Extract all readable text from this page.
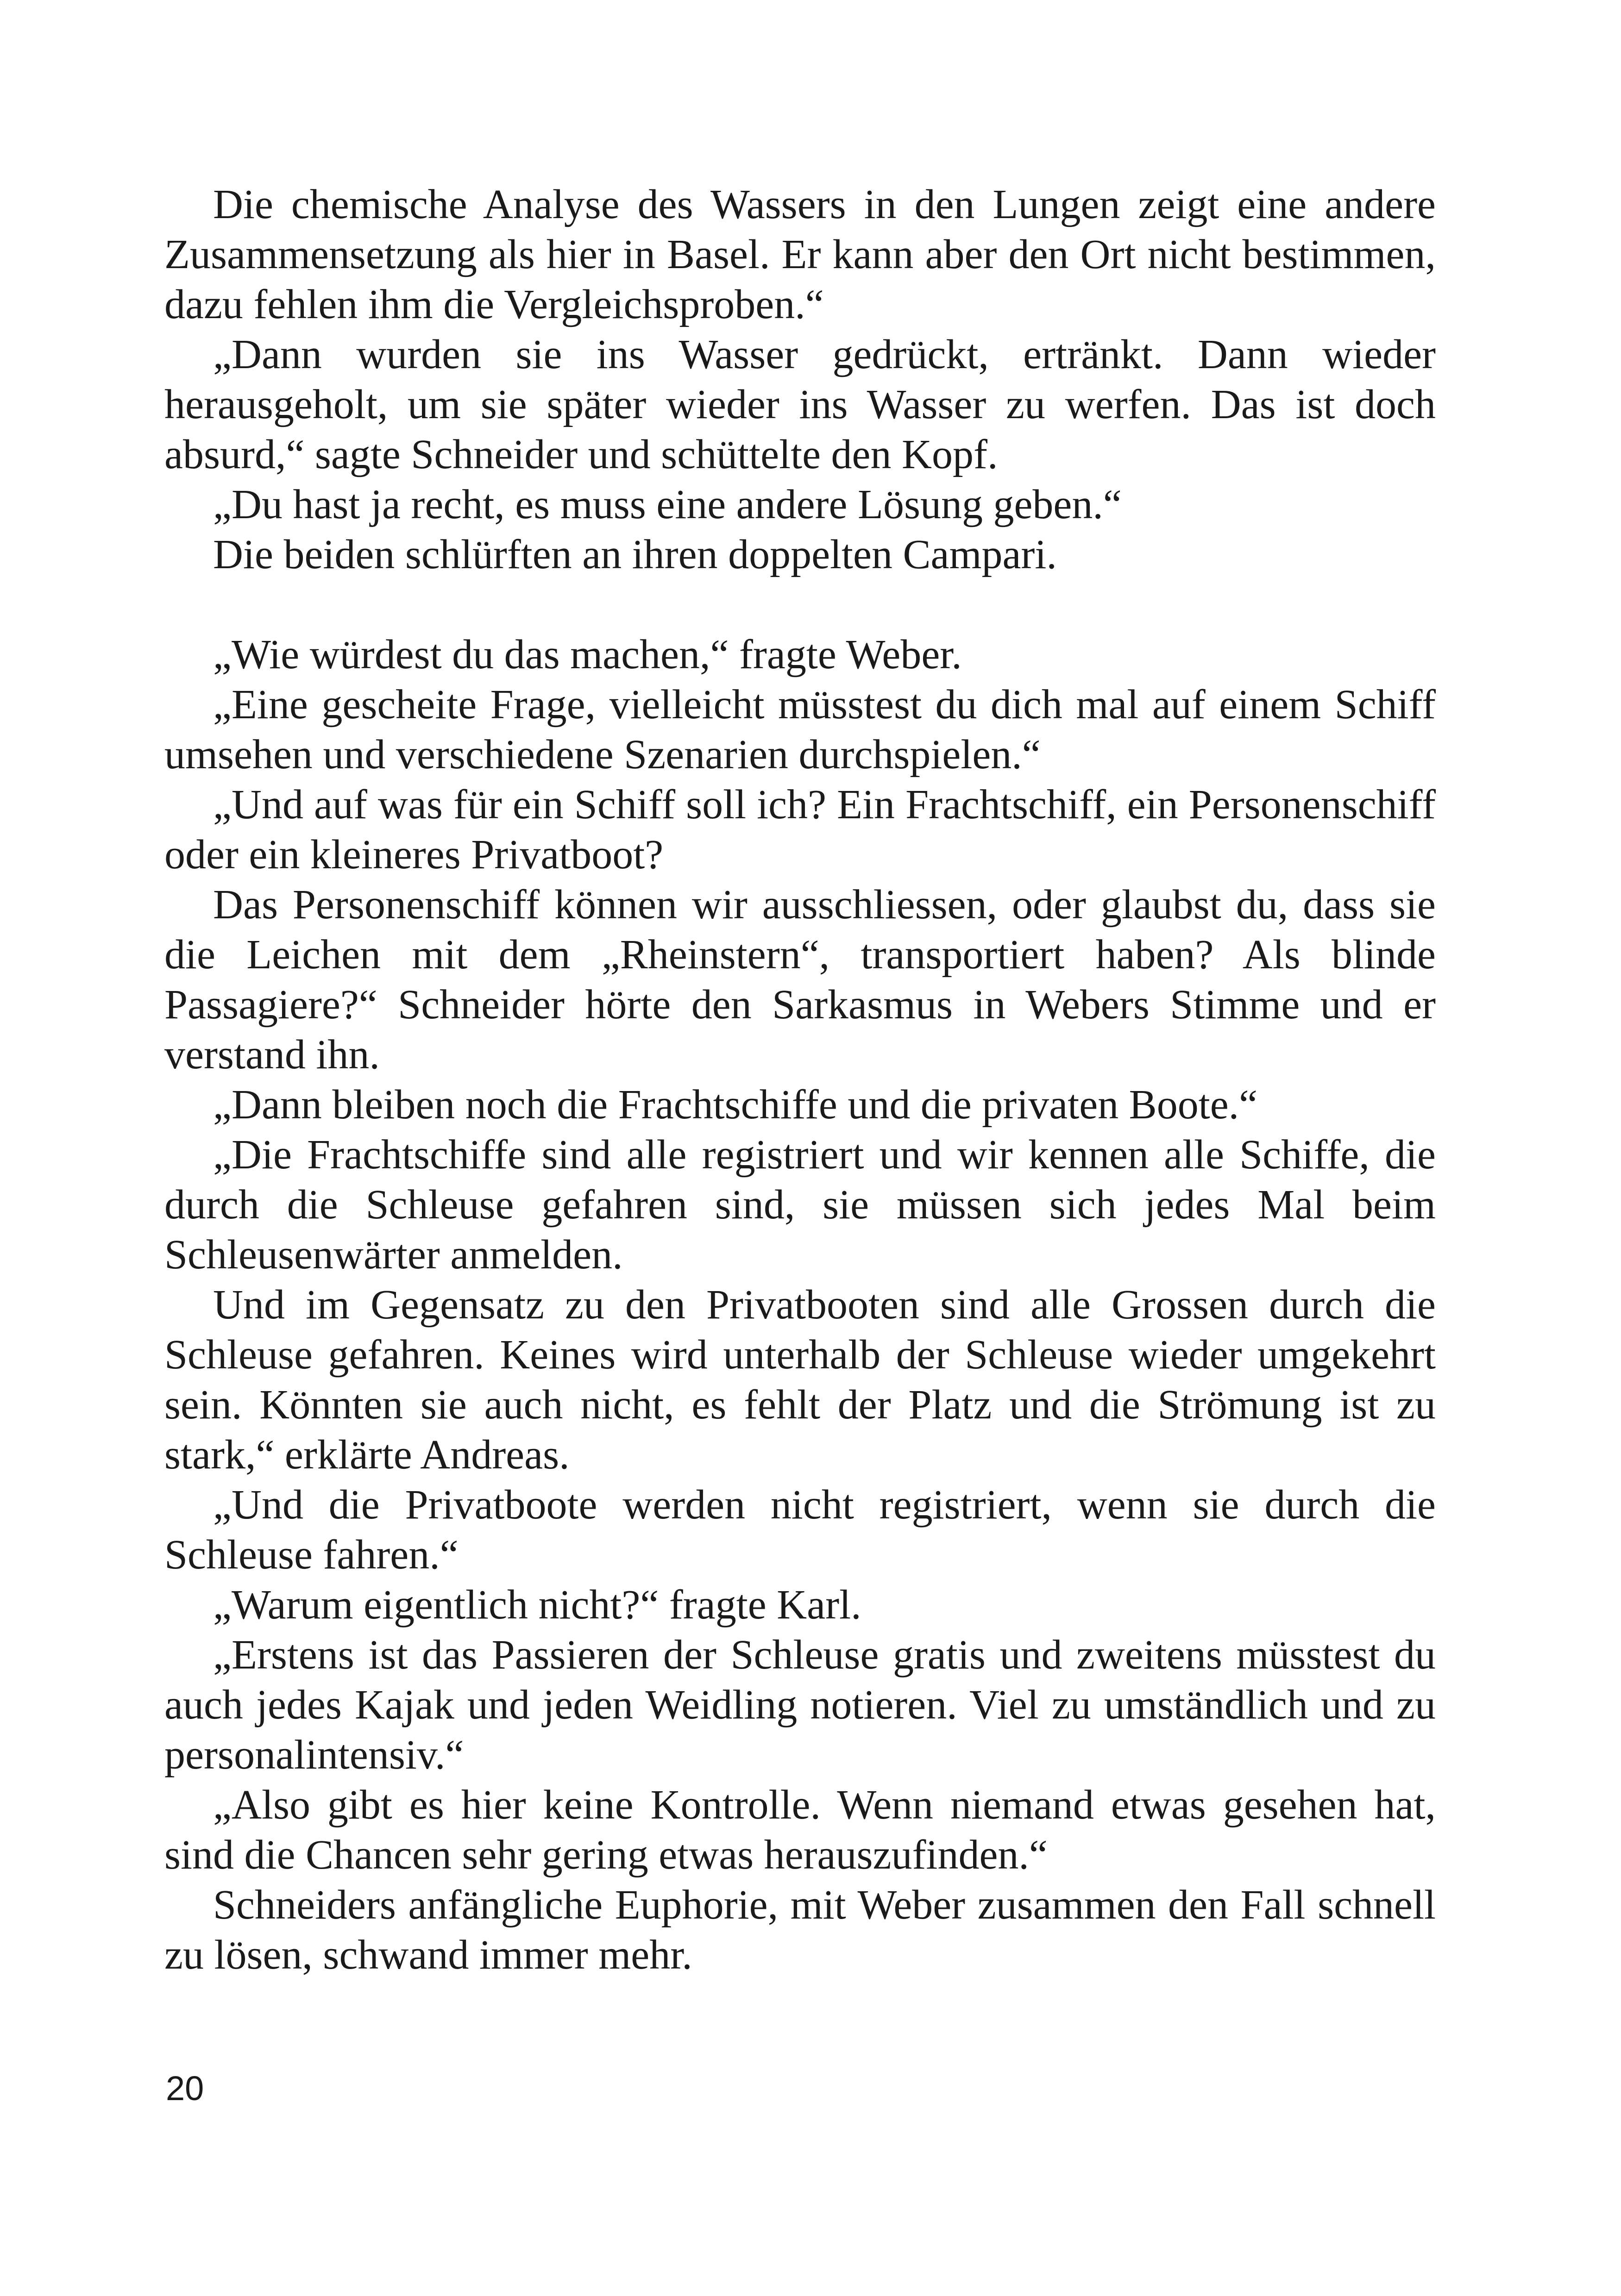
Die chemische Analyse des Wassers in den Lungen zeigt eine andere Zusammensetzung als hier in Basel. Er kann aber den Ort nicht bestimmen, dazu fehlen ihm die Vergleichsproben.“

„Dann wurden sie ins Wasser gedrückt, ertränkt. Dann wieder herausgeholt, um sie später wieder ins Wasser zu werfen. Das ist doch absurd,“ sagte Schneider und schüttelte den Kopf.

„Du hast ja recht, es muss eine andere Lösung geben.“

Die beiden schlürften an ihren doppelten Campari.

„Wie würdest du das machen,“ fragte Weber.

„Eine gescheite Frage, vielleicht müsstest du dich mal auf einem Schiff umsehen und verschiedene Szenarien durchspielen.“

„Und auf was für ein Schiff soll ich? Ein Frachtschiff, ein Personenschiff oder ein kleineres Privatboot?

Das Personenschiff können wir ausschliessen, oder glaubst du, dass sie die Leichen mit dem „Rheinstern“, transportiert haben? Als blinde Passagiere?“ Schneider hörte den Sarkasmus in Webers Stimme und er verstand ihn.

„Dann bleiben noch die Frachtschiffe und die privaten Boote.“

„Die Frachtschiffe sind alle registriert und wir kennen alle Schiffe, die durch die Schleuse gefahren sind, sie müssen sich jedes Mal beim Schleusenwärter anmelden.

Und im Gegensatz zu den Privatbooten sind alle Grossen durch die Schleuse gefahren. Keines wird unterhalb der Schleuse wieder umgekehrt sein. Könnten sie auch nicht, es fehlt der Platz und die Strömung ist zu stark,“ erklärte Andreas.

„Und die Privatboote werden nicht registriert, wenn sie durch die Schleuse fahren.“

„Warum eigentlich nicht?“ fragte Karl.

„Erstens ist das Passieren der Schleuse gratis und zweitens müsstest du auch jedes Kajak und jeden Weidling notieren. Viel zu umständlich und zu personalintensiv.“

„Also gibt es hier keine Kontrolle. Wenn niemand etwas gesehen hat, sind die Chancen sehr gering etwas herauszufinden.“

Schneiders anfängliche Euphorie, mit Weber zusammen den Fall schnell zu lösen, schwand immer mehr.

20
